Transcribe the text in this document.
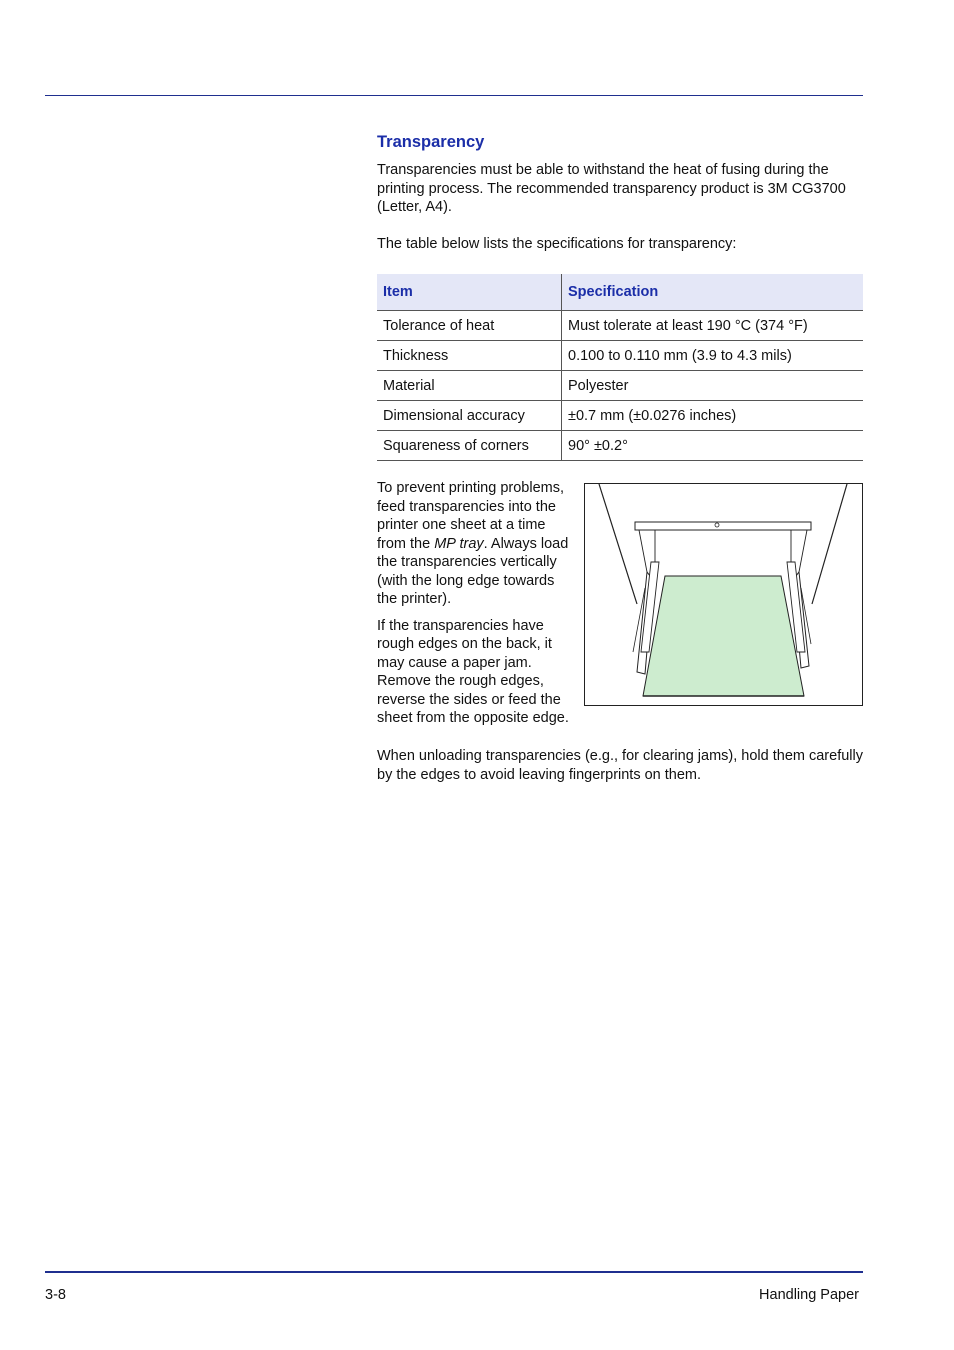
Transparency

Transparencies must be able to withstand the heat of fusing during the printing process. The recommended transparency product is 3M CG3700 (Letter, A4).

The table below lists the specifications for transparency:

Item	Specification
Tolerance of heat	Must tolerate at least 190 °C (374 °F)
Thickness	0.100 to 0.110 mm (3.9 to 4.3 mils)
Material	Polyester
Dimensional accuracy	±0.7 mm (±0.0276 inches)
Squareness of corners	90° ±0.2°

To prevent printing problems, feed transparencies into the printer one sheet at a time from the MP tray. Always load the transparencies vertically (with the long edge towards the printer).

If the transparencies have rough edges on the back, it may cause a paper jam. Remove the rough edges, reverse the sides or feed the sheet from the opposite edge.

When unloading transparencies (e.g., for clearing jams), hold them carefully by the edges to avoid leaving fingerprints on them.

3-8	Handling Paper
